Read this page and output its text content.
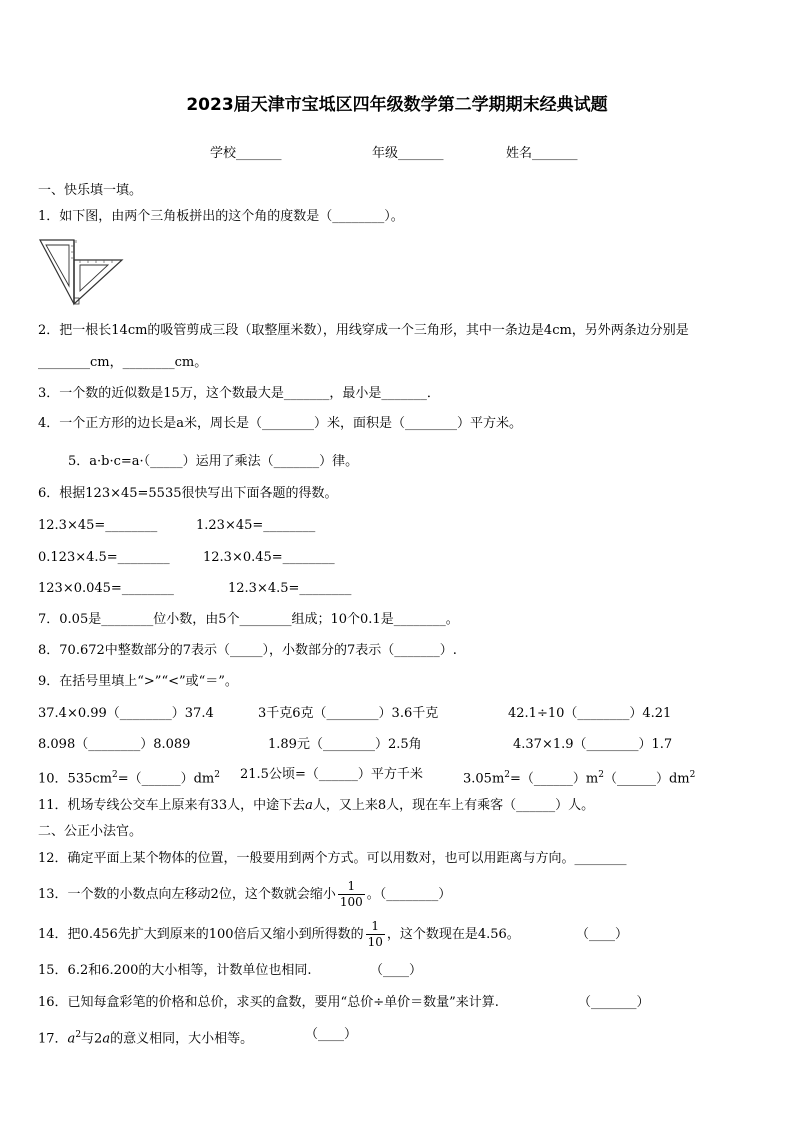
2023届天津市宝坻区四年级数学第二学期期末经典试题
学校_______	年级_______	姓名_______
一、快乐填一填。
1．如下图，由两个三角板拼出的这个角的度数是（________）。
2．把一根长14cm的吸管剪成三段（取整厘米数），用线穿成一个三角形，其中一条边是4cm，另外两条边分别是
________cm，________cm。
3．一个数的近似数是15万，这个数最大是_______，最小是_______．
4．一个正方形的边长是a米，周长是（________）米，面积是（________）平方米。
5．a·b·c=a·（_____）运用了乘法（_______）律。
6．根据123×45=5535很快写出下面各题的得数。
12.3×45=________	1.23×45=________
0.123×4.5=________	12.3×0.45=________
123×0.045=________	12.3×4.5=________
7．0.05是________位小数，由5个________组成；10个0.1是________。
8．70.672中整数部分的7表示（_____），小数部分的7表示（_______）.
9．在括号里填上“>”“<”或“＝”。
37.4×0.99（________）37.4	3千克6克（________）3.6千克	42.1÷10（________）4.21
8.098（________）8.089	1.89元（________）2.5角	4.37×1.9（________）1.7
10．$535cm^2=(\_\_\_\_\_\_)dm^2$ 21.5公顷=（______）平方千米	$3.05m^2=(\_\_\_\_\_\_)m^2(\_\_\_\_\_\_)dm^2$
11．机场专线公交车上原来有33人，中途下去a人，又上来8人，现在车上有乘客（______）人。
二、公正小法官。
12．确定平面上某个物体的位置，一般要用到两个方式。可以用数对，也可以用距离与方向。________
13．一个数的小数点向左移动2位，这个数就会缩小 $\frac{1}{100}$ 。（________）
14．把0.456先扩大到原来的100倍后又缩小到所得数的 $\frac{1}{10}$ ，这个数现在是4.56。	（____）
15．6.2和6.200的大小相等，计数单位也相同.	（____）
16．已知每盒彩笔的价格和总价，求买的盒数，要用“总价÷单价＝数量”来计算.	（_______）
17．$a^2$与2a的意义相同，大小相等。	（____）
